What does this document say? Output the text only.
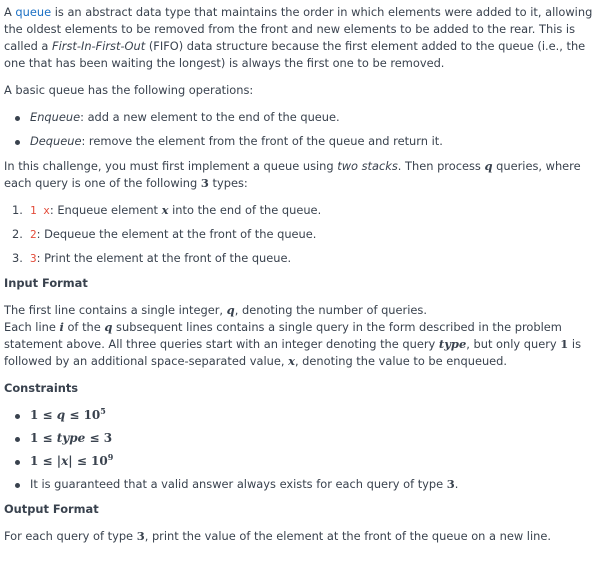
A queue is an abstract data type that maintains the order in which elements were added to it, allowing the oldest elements to be removed from the front and new elements to be added to the rear. This is called a First-In-First-Out (FIFO) data structure because the first element added to the queue (i.e., the one that has been waiting the longest) is always the first one to be removed.

A basic queue has the following operations:

Enqueue: add a new element to the end of the queue.
Dequeue: remove the element from the front of the queue and return it.

In this challenge, you must first implement a queue using two stacks. Then process q queries, where each query is one of the following 3 types:

1. 1 x: Enqueue element x into the end of the queue.
2. 2: Dequeue the element at the front of the queue.
3. 3: Print the element at the front of the queue.
Input Format

The first line contains a single integer, q, denoting the number of queries.
Each line i of the q subsequent lines contains a single query in the form described in the problem statement above. All three queries start with an integer denoting the query type, but only query 1 is followed by an additional space-separated value, x, denoting the value to be enqueued.

Constraints
$1 \le q \le 10^5$
1 ≤ type ≤ 3
$1 \le |x| \le 10^9$
It is guaranteed that a valid answer always exists for each query of type 3.
Output Format

For each query of type 3, print the value of the element at the front of the queue on a new line.
